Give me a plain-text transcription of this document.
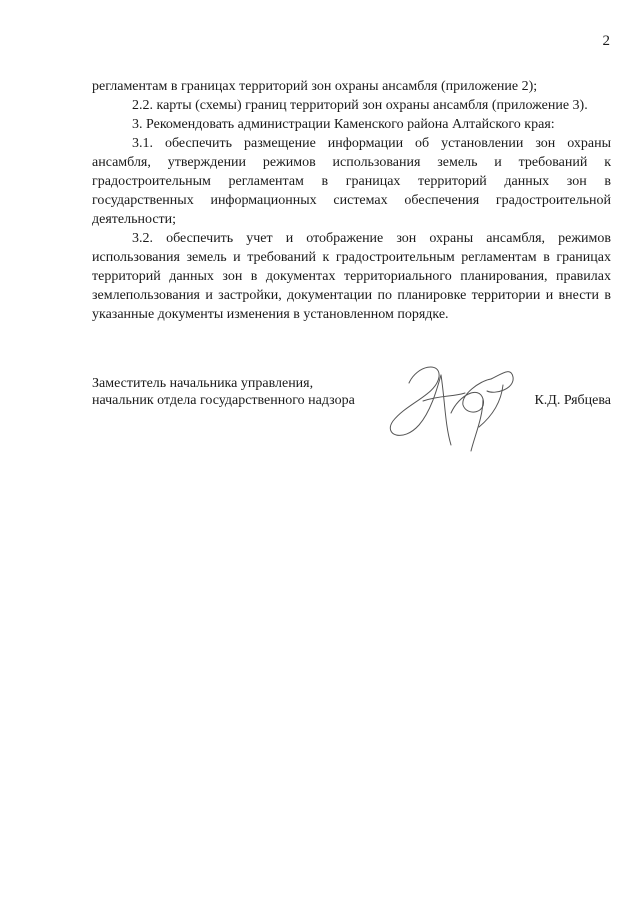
2

регламентам в границах территорий зон охраны ансамбля (приложение 2);

2.2. карты (схемы) границ территорий зон охраны ансамбля (приложение 3).

3. Рекомендовать администрации Каменского района Алтайского края:

3.1. обеспечить размещение информации об установлении зон охраны ансамбля, утверждении режимов использования земель и требований к градостроительным регламентам в границах территорий данных зон в государственных информационных системах обеспечения градостроительной деятельности;

3.2. обеспечить учет и отображение зон охраны ансамбля, режимов использования земель и требований к градостроительным регламентам в границах территорий данных зон в документах территориального планирования, правилах землепользования и застройки, документации по планировке территории и внести в указанные документы изменения в установленном порядке.

Заместитель начальника управления,
начальник отдела государственного надзора	К.Д. Рябцева
